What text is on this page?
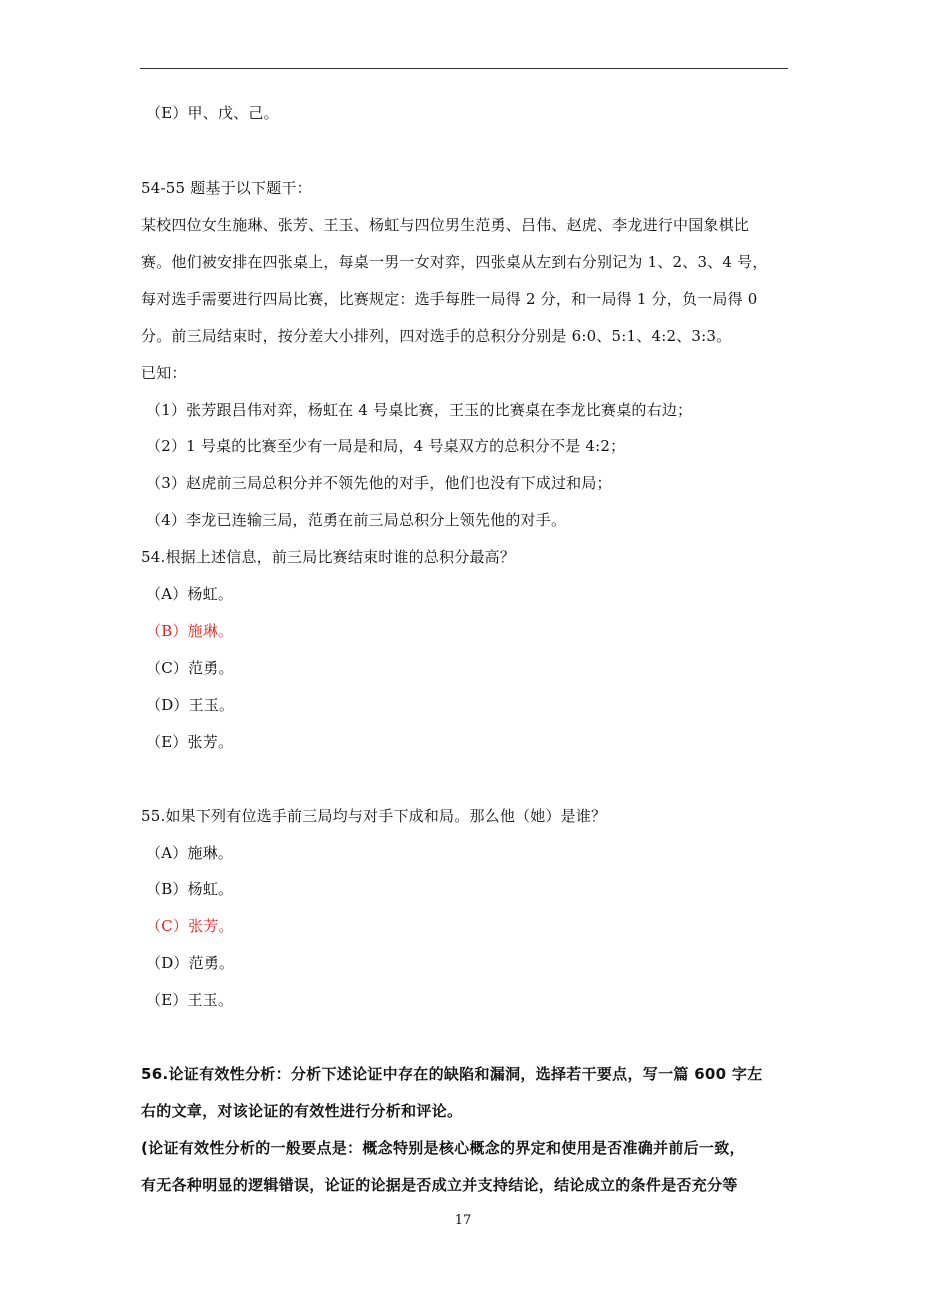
（E）甲、戊、己。
54-55 题基于以下题干：
某校四位女生施琳、张芳、王玉、杨虹与四位男生范勇、吕伟、赵虎、李龙进行中国象棋比
赛。他们被安排在四张桌上，每桌一男一女对弈，四张桌从左到右分别记为 1、2、3、4 号，
每对选手需要进行四局比赛，比赛规定：选手每胜一局得 2 分，和一局得 1 分，负一局得 0
分。前三局结束时，按分差大小排列，四对选手的总积分分别是 6:0、5:1、4:2、3:3。
已知：
（1）张芳跟吕伟对弈，杨虹在 4 号桌比赛，王玉的比赛桌在李龙比赛桌的右边；
（2）1 号桌的比赛至少有一局是和局，4 号桌双方的总积分不是 4:2；
（3）赵虎前三局总积分并不领先他的对手，他们也没有下成过和局；
（4）李龙已连输三局，范勇在前三局总积分上领先他的对手。
54.根据上述信息，前三局比赛结束时谁的总积分最高？
（A）杨虹。
（B）施琳。
（C）范勇。
（D）王玉。
（E）张芳。
55.如果下列有位选手前三局均与对手下成和局。那么他（她）是谁？
（A）施琳。
（B）杨虹。
（C）张芳。
（D）范勇。
（E）王玉。
56.论证有效性分析：分析下述论证中存在的缺陷和漏洞，选择若干要点，写一篇 600 字左
右的文章，对该论证的有效性进行分析和评论。
(论证有效性分析的一般要点是：概念特别是核心概念的界定和使用是否准确并前后一致，
有无各种明显的逻辑错误，论证的论据是否成立并支持结论，结论成立的条件是否充分等
17
